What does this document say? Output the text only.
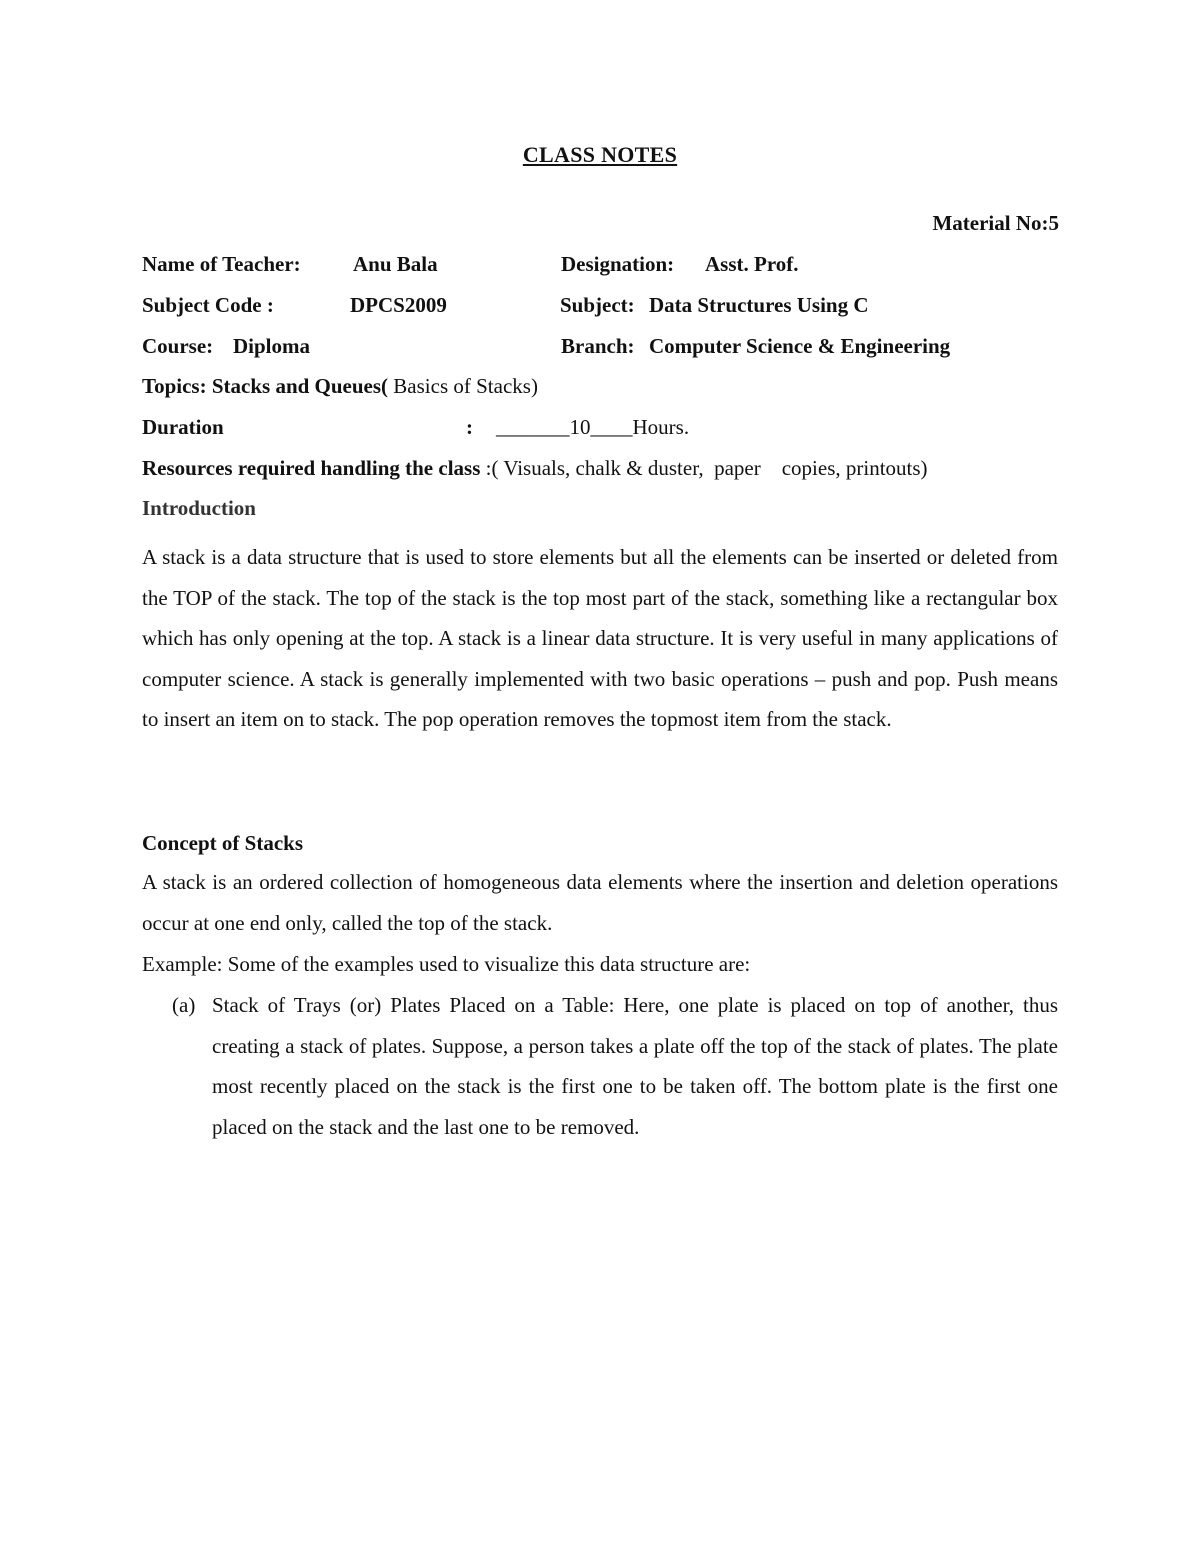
CLASS NOTES
Material No:5
Name of Teacher: Anu Bala	Designation: Asst. Prof.
Subject Code :	DPCS2009	Subject: Data Structures Using C
Course: Diploma	Branch: Computer Science & Engineering
Topics: Stacks and Queues( Basics of Stacks)
Duration	: _______10____Hours.
Resources required handling the class :( Visuals, chalk & duster,  paper    copies, printouts)
Introduction
A stack is a data structure that is used to store elements but all the elements can be inserted or deleted from the TOP of the stack. The top of the stack is the top most part of the stack, something like a rectangular box which has only opening at the top. A stack is a linear data structure. It is very useful in many applications of computer science. A stack is generally implemented with two basic operations – push and pop. Push means to insert an item on to stack. The pop operation removes the topmost item from the stack.
Concept of Stacks
A stack is an ordered collection of homogeneous data elements where the insertion and deletion operations occur at one end only, called the top of the stack.
Example: Some of the examples used to visualize this data structure are:
(a) Stack of Trays (or) Plates Placed on a Table: Here, one plate is placed on top of another, thus creating a stack of plates. Suppose, a person takes a plate off the top of the stack of plates. The plate most recently placed on the stack is the first one to be taken off. The bottom plate is the first one placed on the stack and the last one to be removed.
